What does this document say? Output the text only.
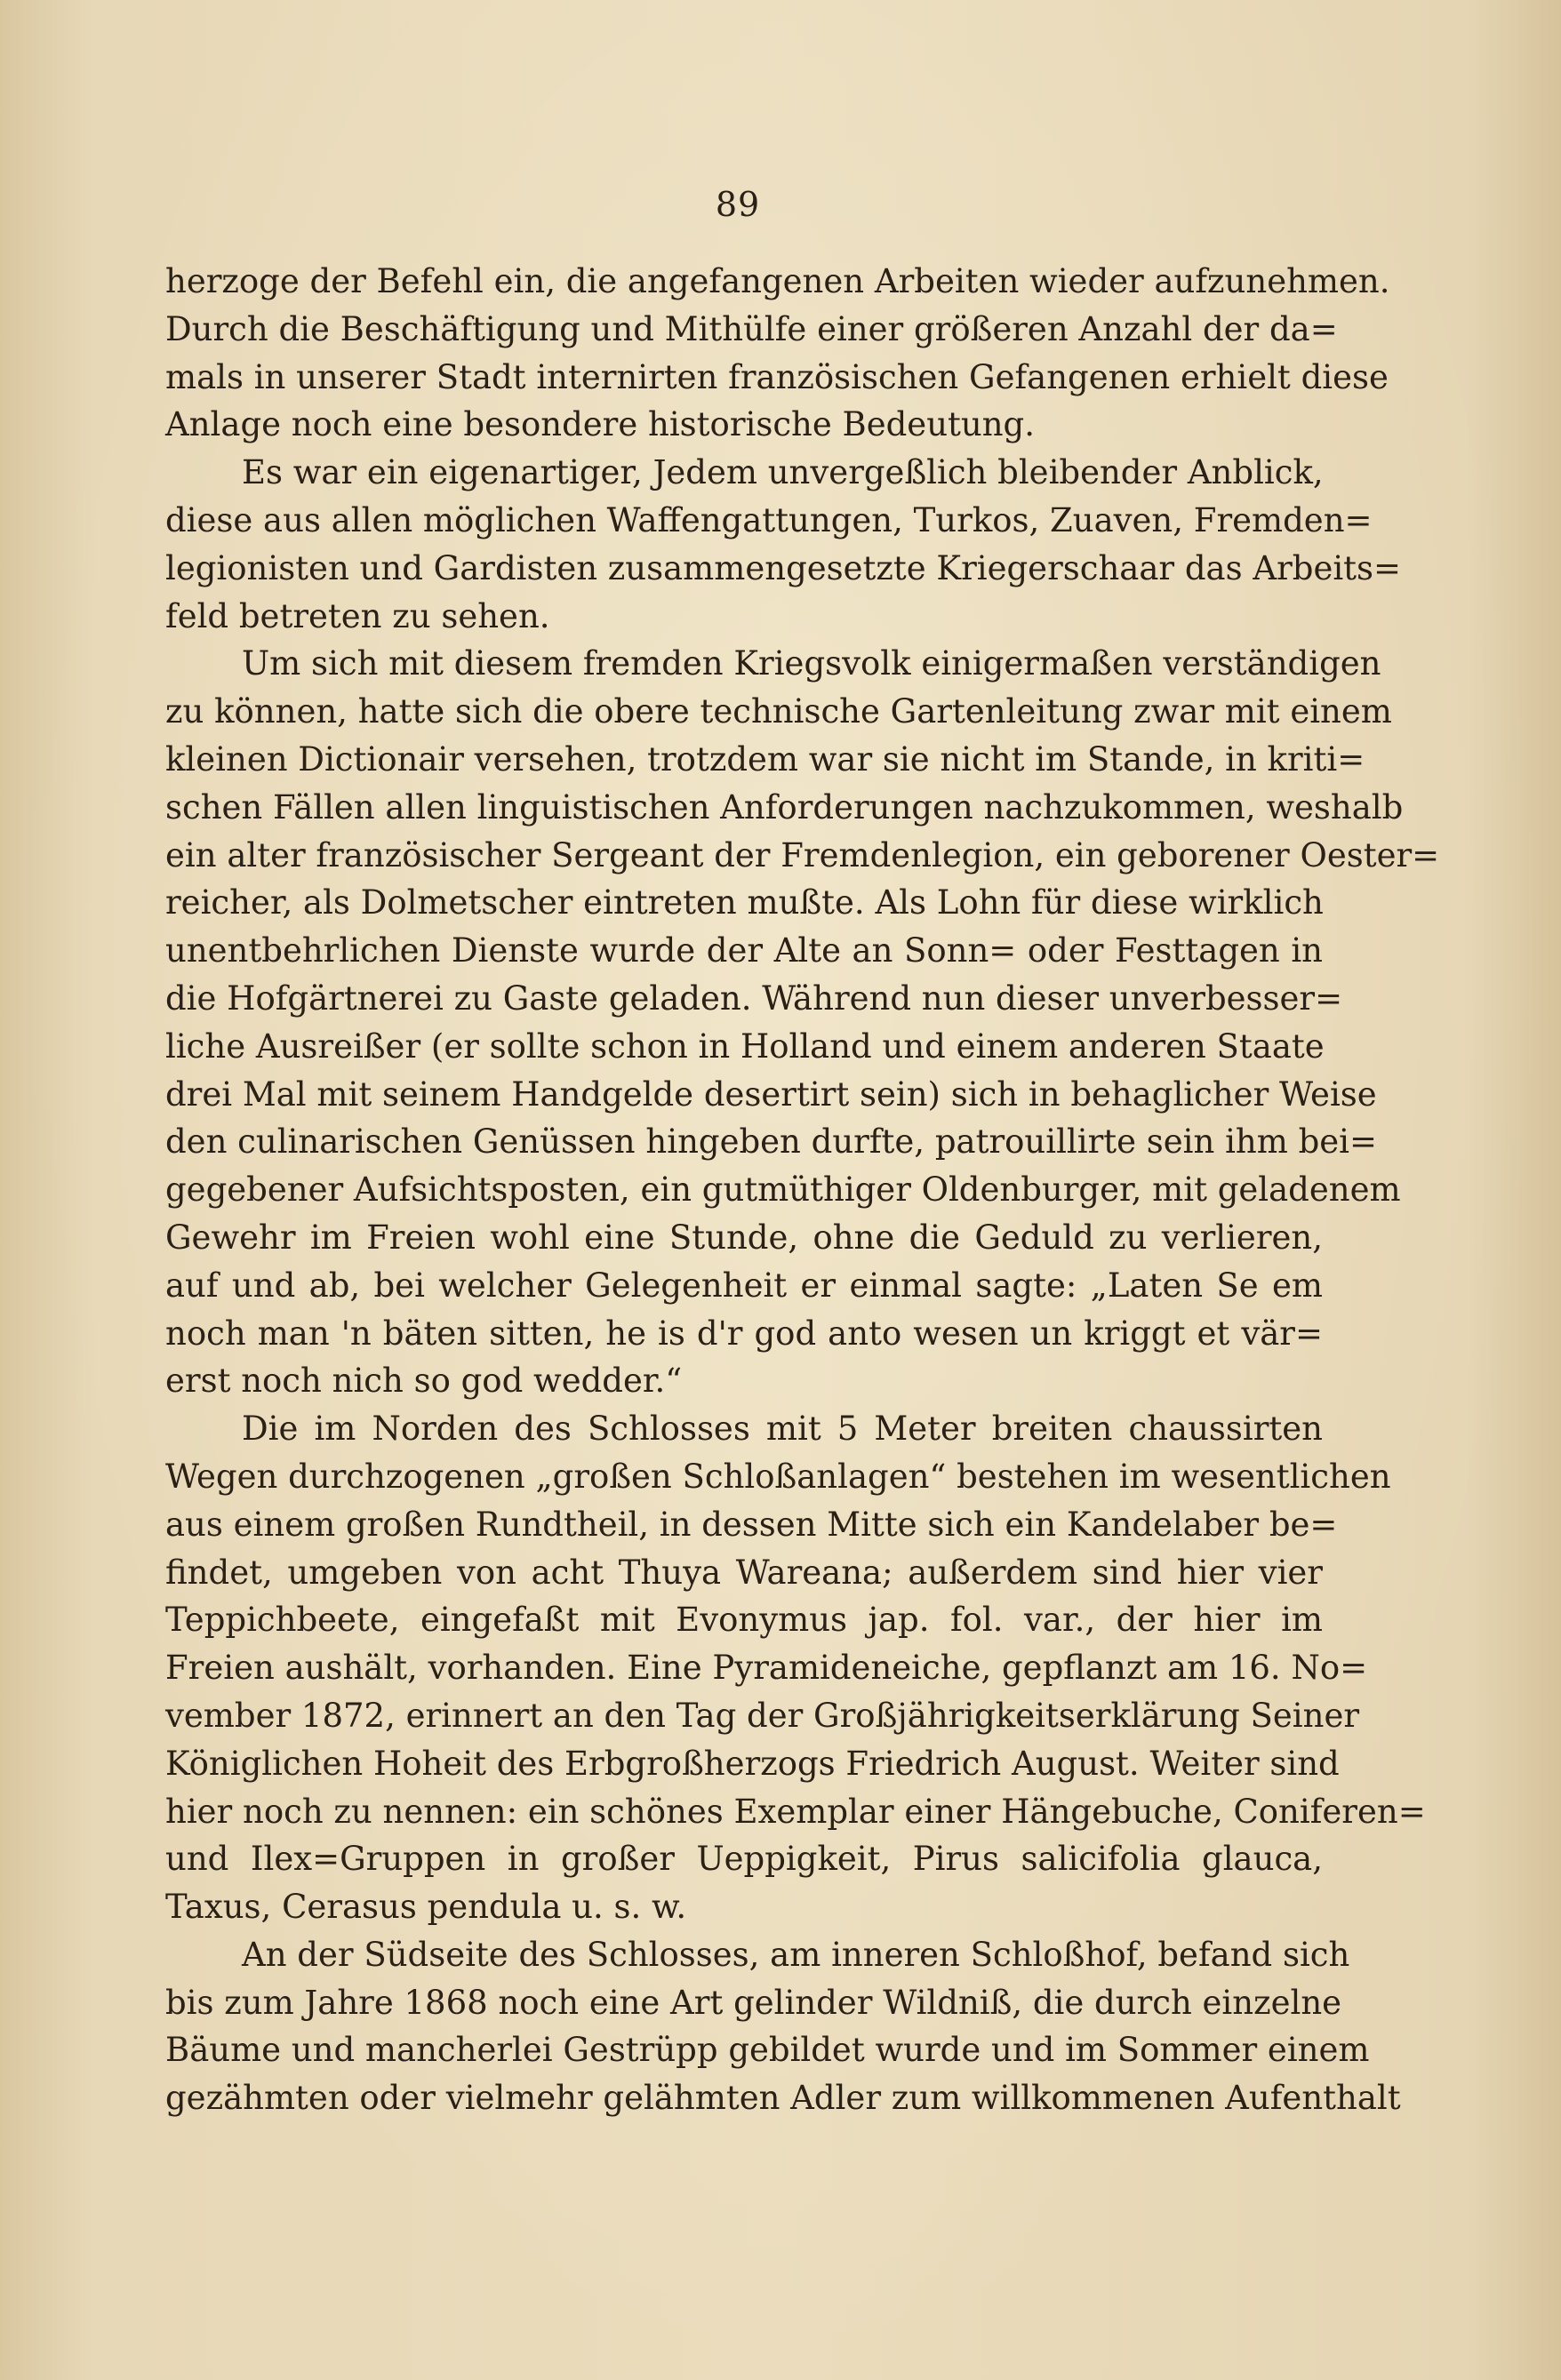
89
herzoge der Befehl ein, die angefangenen Arbeiten wieder aufzunehmen.
Durch die Beschäftigung und Mithülfe einer größeren Anzahl der da=
mals in unserer Stadt internirten französischen Gefangenen erhielt diese
Anlage noch eine besondere historische Bedeutung.
Es war ein eigenartiger, Jedem unvergeßlich bleibender Anblick,
diese aus allen möglichen Waffengattungen, Turkos, Zuaven, Fremden=
legionisten und Gardisten zusammengesetzte Kriegerschaar das Arbeits=
feld betreten zu sehen.
Um sich mit diesem fremden Kriegsvolk einigermaßen verständigen
zu können, hatte sich die obere technische Gartenleitung zwar mit einem
kleinen Dictionair versehen, trotzdem war sie nicht im Stande, in kriti=
schen Fällen allen linguistischen Anforderungen nachzukommen, weshalb
ein alter französischer Sergeant der Fremdenlegion, ein geborener Oester=
reicher, als Dolmetscher eintreten mußte. Als Lohn für diese wirklich
unentbehrlichen Dienste wurde der Alte an Sonn= oder Festtagen in
die Hofgärtnerei zu Gaste geladen. Während nun dieser unverbesser=
liche Ausreißer (er sollte schon in Holland und einem anderen Staate
drei Mal mit seinem Handgelde desertirt sein) sich in behaglicher Weise
den culinarischen Genüssen hingeben durfte, patrouillirte sein ihm bei=
gegebener Aufsichtsposten, ein gutmüthiger Oldenburger, mit geladenem
Gewehr im Freien wohl eine Stunde, ohne die Geduld zu verlieren,
auf und ab, bei welcher Gelegenheit er einmal sagte: „Laten Se em
noch man 'n bäten sitten, he is d'r god anto wesen un kriggt et vär=
erst noch nich so god wedder.“
Die im Norden des Schlosses mit 5 Meter breiten chaussirten
Wegen durchzogenen „großen Schloßanlagen“ bestehen im wesentlichen
aus einem großen Rundtheil, in dessen Mitte sich ein Kandelaber be=
findet, umgeben von acht Thuya Wareana; außerdem sind hier vier
Teppichbeete, eingefaßt mit Evonymus jap. fol. var., der hier im
Freien aushält, vorhanden. Eine Pyramideneiche, gepflanzt am 16. No=
vember 1872, erinnert an den Tag der Großjährigkeitserklärung Seiner
Königlichen Hoheit des Erbgroßherzogs Friedrich August. Weiter sind
hier noch zu nennen: ein schönes Exemplar einer Hängebuche, Coniferen=
und Ilex=Gruppen in großer Ueppigkeit, Pirus salicifolia glauca,
Taxus, Cerasus pendula u. s. w.
An der Südseite des Schlosses, am inneren Schloßhof, befand sich
bis zum Jahre 1868 noch eine Art gelinder Wildniß, die durch einzelne
Bäume und mancherlei Gestrüpp gebildet wurde und im Sommer einem
gezähmten oder vielmehr gelähmten Adler zum willkommenen Aufenthalt
